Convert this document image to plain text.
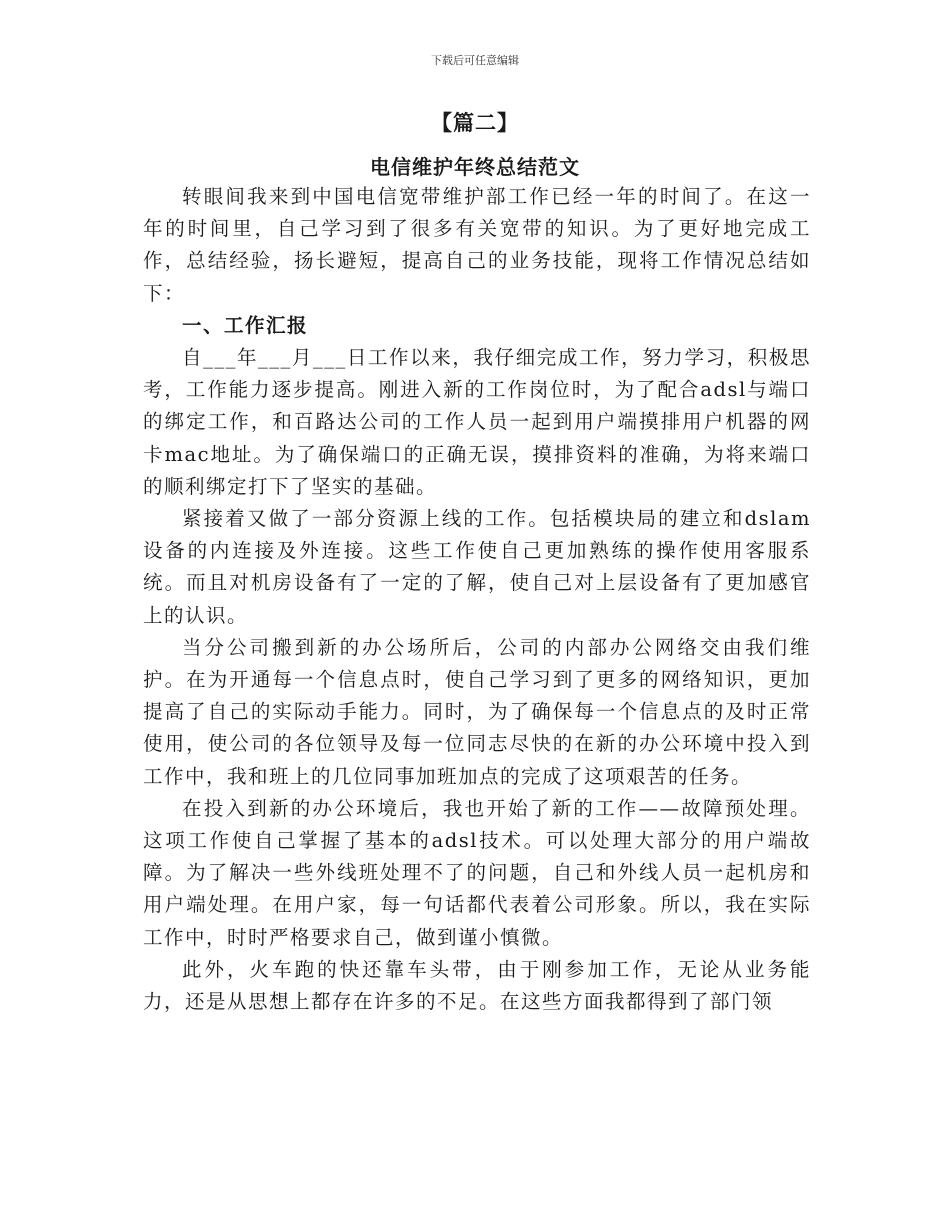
下载后可任意编辑
【篇二】
电信维护年终总结范文

转眼间我来到中国电信宽带维护部工作已经一年的时间了。在这一年的时间里，自己学习到了很多有关宽带的知识。为了更好地完成工作，总结经验，扬长避短，提高自己的业务技能，现将工作情况总结如下：

一、工作汇报

自___年___月___日工作以来，我仔细完成工作，努力学习，积极思考，工作能力逐步提高。刚进入新的工作岗位时，为了配合adsl与端口的绑定工作，和百路达公司的工作人员一起到用户端摸排用户机器的网卡mac地址。为了确保端口的正确无误，摸排资料的准确，为将来端口的顺利绑定打下了坚实的基础。

紧接着又做了一部分资源上线的工作。包括模块局的建立和dslam设备的内连接及外连接。这些工作使自己更加熟练的操作使用客服系统。而且对机房设备有了一定的了解，使自己对上层设备有了更加感官上的认识。

当分公司搬到新的办公场所后，公司的内部办公网络交由我们维护。在为开通每一个信息点时，使自己学习到了更多的网络知识，更加提高了自己的实际动手能力。同时，为了确保每一个信息点的及时正常使用，使公司的各位领导及每一位同志尽快的在新的办公环境中投入到工作中，我和班上的几位同事加班加点的完成了这项艰苦的任务。

在投入到新的办公环境后，我也开始了新的工作——故障预处理。这项工作使自己掌握了基本的adsl技术。可以处理大部分的用户端故障。为了解决一些外线班处理不了的问题，自己和外线人员一起机房和用户端处理。在用户家，每一句话都代表着公司形象。所以，我在实际工作中，时时严格要求自己，做到谨小慎微。

此外，火车跑的快还靠车头带，由于刚参加工作，无论从业务能力，还是从思想上都存在许多的不足。在这些方面我都得到了部门领
